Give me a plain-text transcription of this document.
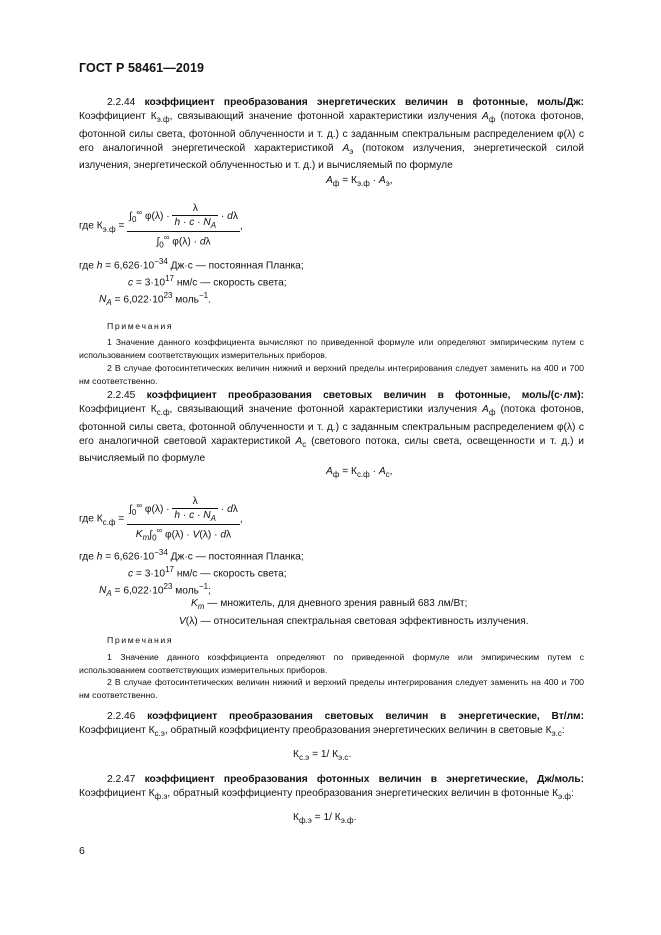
ГОСТ Р 58461—2019
2.2.44 коэффициент преобразования энергетических величин в фотонные, моль/Дж: Коэффициент $К_{э.ф}$, связывающий значение фотонной характеристики излучения $А_ф$ (потока фотонов, фотонной силы света, фотонной облученности и т. д.) с заданным спектральным распределением φ(λ) с его аналогичной энергетической характеристикой $А_э$ (потоком излучения, энергетической силой излучения, энергетической облученностью и т. д.) и вычисляемый по формуле
$A_ф = К_{э.ф} \cdot A_э$,
где $К_{э.ф} = \frac{\int_0^\infty \varphi(\lambda) \cdot \frac{\lambda}{h \cdot c \cdot N_A} \cdot d\lambda}{\int_0^\infty \varphi(\lambda) \cdot d\lambda}$ ,
где $h = 6,626\cdot 10^{-34}$ Дж·с — постоянная Планка;
$c = 3\cdot 10^{17}$ нм/с — скорость света;
$N_A = 6,022\cdot 10^{23}$ моль$^{-1}$.
Примечания
1 Значение данного коэффициента вычисляют по приведенной формуле или определяют эмпирическим путем с использованием соответствующих измерительных приборов.
2 В случае фотосинтетических величин нижний и верхний пределы интегрирования следует заменить на 400 и 700 нм соответственно.
2.2.45 коэффициент преобразования световых величин в фотонные, моль/(с·лм): Коэффициент $К_{с.ф}$, связывающий значение фотонной характеристики излучения $А_ф$ (потока фотонов, фотонной силы света, фотонной облученности и т. д.) с заданным спектральным распределением φ(λ) с его аналогичной световой характеристикой $А_с$ (светового потока, силы света, освещенности и т. д.) и вычисляемый по формуле
$A_ф = К_{с.ф} \cdot A_с$,
где $К_{с.ф} = \frac{\int_0^\infty \varphi(\lambda) \cdot \frac{\lambda}{h \cdot c \cdot N_A} \cdot d\lambda}{K_m\int_0^\infty \varphi(\lambda) \cdot V(\lambda) \cdot d\lambda}$ ,
где $h = 6,626\cdot 10^{-34}$ Дж·с — постоянная Планка;
$c = 3\cdot 10^{17}$ нм/с — скорость света;
$N_A = 6,022\cdot 10^{23}$ моль$^{-1}$;
$K_m$ — множитель, для дневного зрения равный 683 лм/Вт;
V(λ) — относительная спектральная световая эффективность излучения.
Примечания
1 Значение данного коэффициента определяют по приведенной формуле или эмпирическим путем с использованием соответствующих измерительных приборов.
2 В случае фотосинтетических величин нижний и верхний пределы интегрирования следует заменить на 400 и 700 нм соответственно.
2.2.46 коэффициент преобразования световых величин в энергетические, Вт/лм: Коэффициент $К_{с.э}$, обратный коэффициенту преобразования энергетических величин в световые $К_{э.с}$:
$К_{с.э} = 1/$ $К_{э.с}$.
2.2.47 коэффициент преобразования фотонных величин в энергетические, Дж/моль: Коэффициент $К_{ф.э}$, обратный коэффициенту преобразования энергетических величин в фотонные $К_{э.ф}$:
$К_{ф.э} = 1/$ $К_{э.ф}$.
6
